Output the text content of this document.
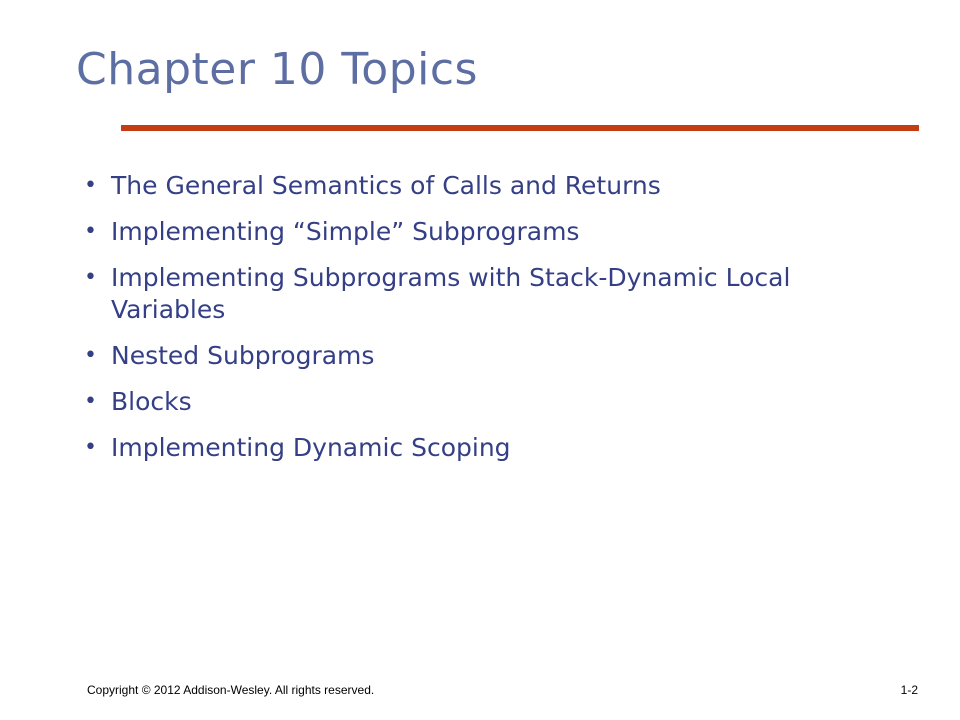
Chapter 10 Topics
• The General Semantics of Calls and Returns
• Implementing “Simple” Subprograms
• Implementing Subprograms with Stack-Dynamic Local Variables
• Nested Subprograms
• Blocks
• Implementing Dynamic Scoping
Copyright © 2012 Addison-Wesley. All rights reserved.	1-2
